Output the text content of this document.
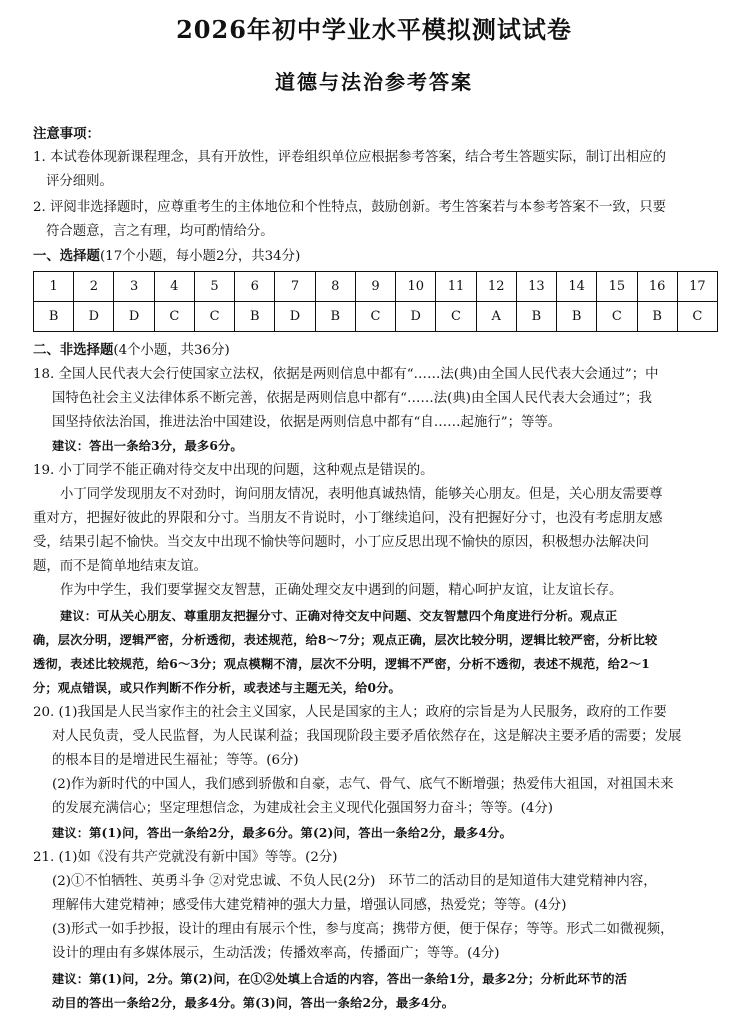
2026年初中学业水平模拟测试试卷
道德与法治参考答案
注意事项：
1. 本试卷体现新课程理念，具有开放性，评卷组织单位应根据参考答案，结合考生答题实际，制订出相应的
评分细则。
2. 评阅非选择题时，应尊重考生的主体地位和个性特点，鼓励创新。考生答案若与本参考答案不一致，只要
符合题意，言之有理，均可酌情给分。
一、选择题(17个小题，每小题2分，共34分)
1	2	3	4	5	6	7	8	9	10	11	12	13	14	15	16	17
B	D	D	C	C	B	D	B	C	D	C	A	B	B	C	B	C
二、非选择题(4个小题，共36分)
18. 全国人民代表大会行使国家立法权，依据是两则信息中都有“……法(典)由全国人民代表大会通过”；中
国特色社会主义法律体系不断完善，依据是两则信息中都有“……法(典)由全国人民代表大会通过”；我
国坚持依法治国，推进法治中国建设，依据是两则信息中都有“自……起施行”；等等。
建议：答出一条给3分，最多6分。
19. 小丁同学不能正确对待交友中出现的问题，这种观点是错误的。
小丁同学发现朋友不对劲时，询问朋友情况，表明他真诚热情，能够关心朋友。但是，关心朋友需要尊
重对方，把握好彼此的界限和分寸。当朋友不肯说时，小丁继续追问，没有把握好分寸，也没有考虑朋友感
受，结果引起不愉快。当交友中出现不愉快等问题时，小丁应反思出现不愉快的原因，积极想办法解决问
题，而不是简单地结束友谊。
作为中学生，我们要掌握交友智慧，正确处理交友中遇到的问题，精心呵护友谊，让友谊长存。
建议：可从关心朋友、尊重朋友把握分寸、正确对待交友中问题、交友智慧四个角度进行分析。观点正
确，层次分明，逻辑严密，分析透彻，表述规范，给8～7分；观点正确，层次比较分明，逻辑比较严密，分析比较
透彻，表述比较规范，给6～3分；观点模糊不清，层次不分明，逻辑不严密，分析不透彻，表述不规范，给2～1
分；观点错误，或只作判断不作分析，或表述与主题无关，给0分。
20. (1)我国是人民当家作主的社会主义国家，人民是国家的主人；政府的宗旨是为人民服务，政府的工作要
对人民负责，受人民监督，为人民谋利益；我国现阶段主要矛盾依然存在，这是解决主要矛盾的需要；发展
的根本目的是增进民生福祉；等等。(6分)
(2)作为新时代的中国人，我们感到骄傲和自豪，志气、骨气、底气不断增强；热爱伟大祖国，对祖国未来
的发展充满信心；坚定理想信念，为建成社会主义现代化强国努力奋斗；等等。(4分)
建议：第(1)问，答出一条给2分，最多6分。第(2)问，答出一条给2分，最多4分。
21. (1)如《没有共产党就没有新中国》等等。(2分)
(2)①不怕牺牲、英勇斗争 ②对党忠诚、不负人民(2分)　环节二的活动目的是知道伟大建党精神内容，
理解伟大建党精神；感受伟大建党精神的强大力量，增强认同感，热爱党；等等。(4分)
(3)形式一如手抄报，设计的理由有展示个性，参与度高；携带方便，便于保存；等等。形式二如微视频，
设计的理由有多媒体展示，生动活泼；传播效率高，传播面广；等等。(4分)
建议：第(1)问，2分。第(2)问，在①②处填上合适的内容，答出一条给1分，最多2分；分析此环节的活
动目的答出一条给2分，最多4分。第(3)问，答出一条给2分，最多4分。
